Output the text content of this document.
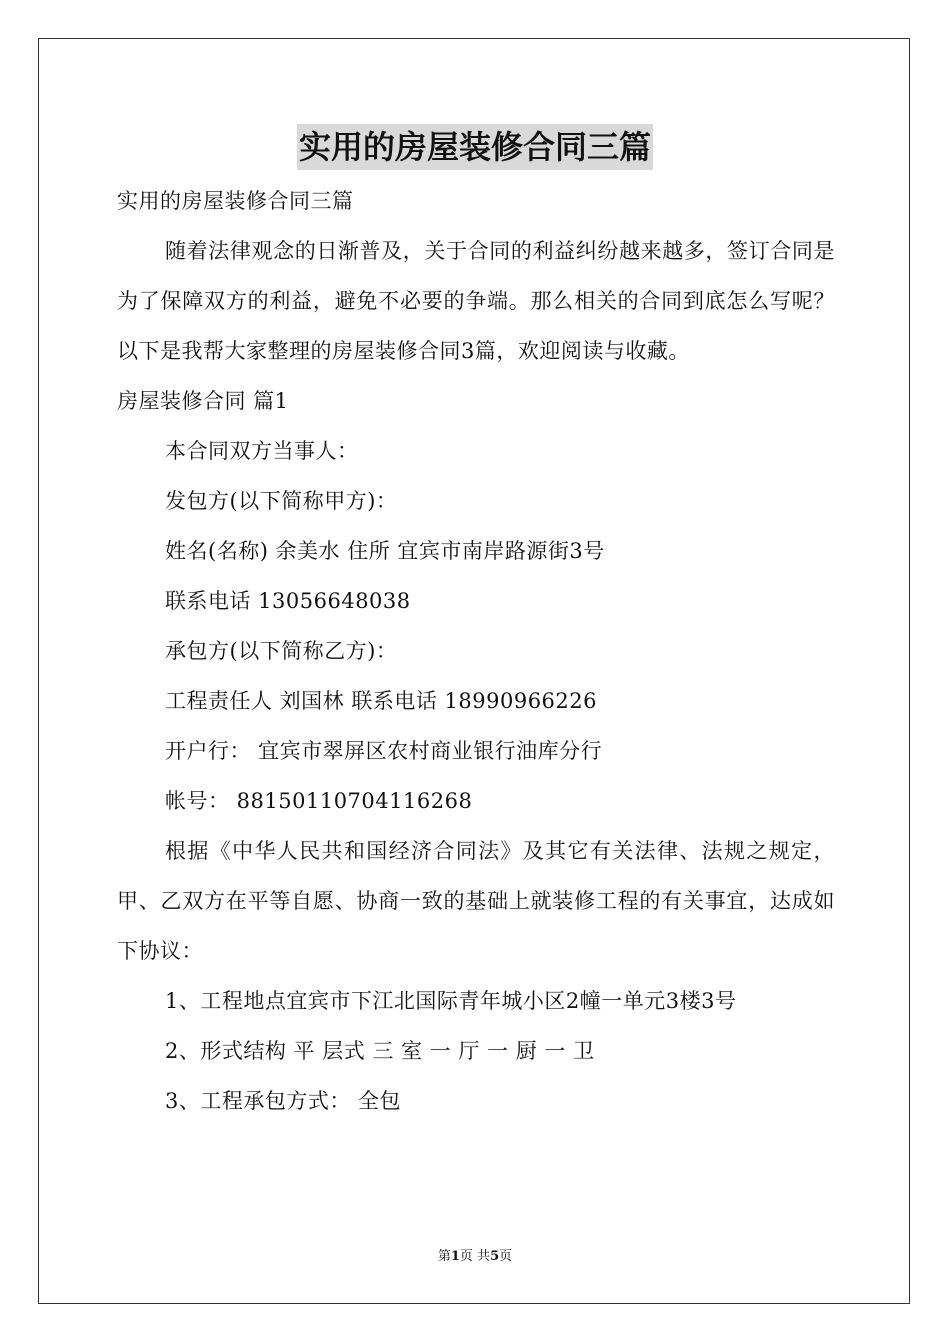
实用的房屋装修合同三篇
实用的房屋装修合同三篇
随着法律观念的日渐普及，关于合同的利益纠纷越来越多，签订合同是为了保障双方的利益，避免不必要的争端。那么相关的合同到底怎么写呢？以下是我帮大家整理的房屋装修合同3篇，欢迎阅读与收藏。
房屋装修合同 篇1
本合同双方当事人：
发包方(以下简称甲方)：
姓名(名称) 余美水 住所 宜宾市南岸路源街3号
联系电话 13056648038
承包方(以下简称乙方)：
工程责任人 刘国林 联系电话 18990966226
开户行： 宜宾市翠屏区农村商业银行油库分行
帐号： 88150110704116268
根据《中华人民共和国经济合同法》及其它有关法律、法规之规定，甲、乙双方在平等自愿、协商一致的基础上就装修工程的有关事宜，达成如下协议：
1、工程地点宜宾市下江北国际青年城小区2幢一单元3楼3号
2、形式结构 平 层式 三 室 一 厅 一 厨 一 卫
3、工程承包方式： 全包
第1页 共5页
